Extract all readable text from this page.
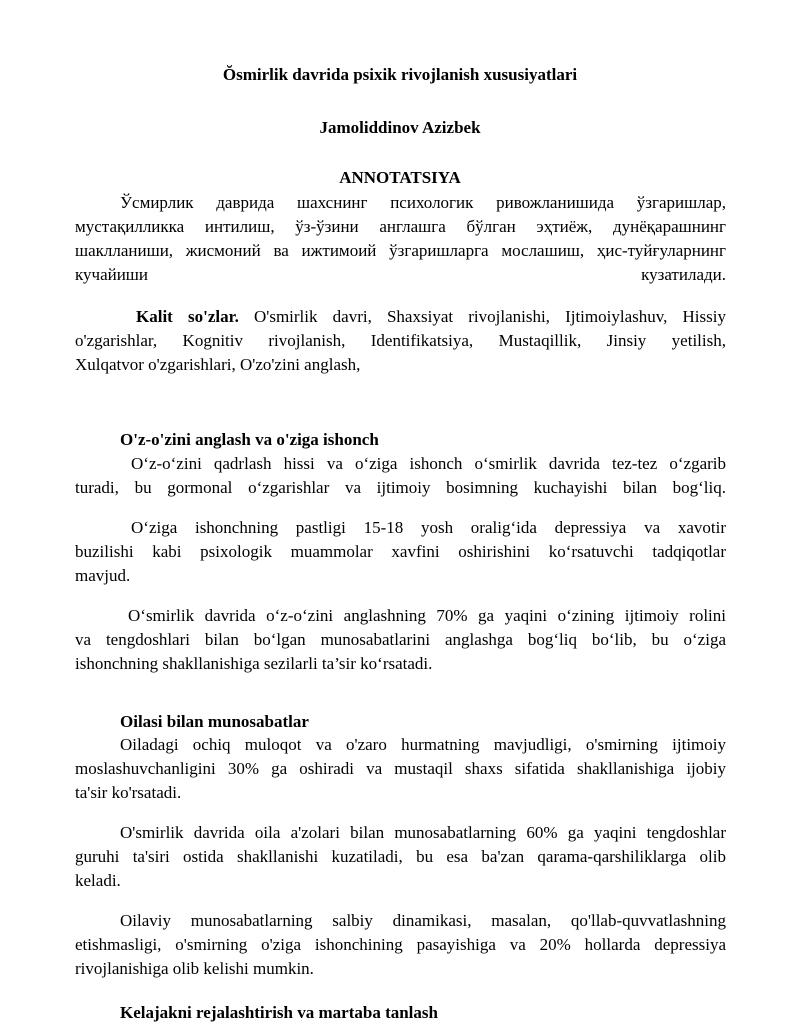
Ŏsmirlik davrida psixik rivojlanish xususiyatlari
Jamoliddinov Azizbek
ANNOTATSIYA
Ўсмирлик даврида шахснинг психологик ривожланишида ўзгаришлар,
мустақилликка интилиш, ўз-ўзини англашга бўлган эҳтиёж, дунёқарашнинг
шаклланиши, жисмоний ва ижтимоий ўзгаришларга мослашиш, ҳис-туйғуларнинг
кучайиши	кузатилади.
Kalit so'zlar. O'smirlik davri, Shaxsiyat rivojlanishi, Ijtimoiylashuv, Hissiy
o'zgarishlar, Kognitiv rivojlanish, Identifikatsiya, Mustaqillik, Jinsiy yetilish,
Xulqatvor o'zgarishlari, O'zo'zini anglash,
O'z-o'zini anglash va o'ziga ishonch
O‘z-o‘zini qadrlash hissi va o‘ziga ishonch o‘smirlik davrida tez-tez o‘zgarib
turadi, bu gormonal o‘zgarishlar va ijtimoiy bosimning kuchayishi bilan bog‘liq.
O‘ziga ishonchning pastligi 15-18 yosh oralig‘ida depressiya va xavotir
buzilishi kabi psixologik muammolar xavfini oshirishini ko‘rsatuvchi tadqiqotlar
mavjud.
O‘smirlik davrida o‘z-o‘zini anglashning 70% ga yaqini o‘zining ijtimoiy rolini
va tengdoshlari bilan bo‘lgan munosabatlarini anglashga bog‘liq bo‘lib, bu o‘ziga
ishonchning shakllanishiga sezilarli ta’sir ko‘rsatadi.
Oilasi bilan munosabatlar
Oiladagi ochiq muloqot va o'zaro hurmatning mavjudligi, o'smirning ijtimoiy
moslashuvchanligini 30% ga oshiradi va mustaqil shaxs sifatida shakllanishiga ijobiy
ta'sir ko'rsatadi.
O'smirlik davrida oila a'zolari bilan munosabatlarning 60% ga yaqini tengdoshlar
guruhi ta'siri ostida shakllanishi kuzatiladi, bu esa ba'zan qarama-qarshiliklarga olib
keladi.
Oilaviy munosabatlarning salbiy dinamikasi, masalan, qo'llab-quvvatlashning
etishmasligi, o'smirning o'ziga ishonchining pasayishiga va 20% hollarda depressiya
rivojlanishiga olib kelishi mumkin.
Kelajakni rejalashtirish va martaba tanlash
